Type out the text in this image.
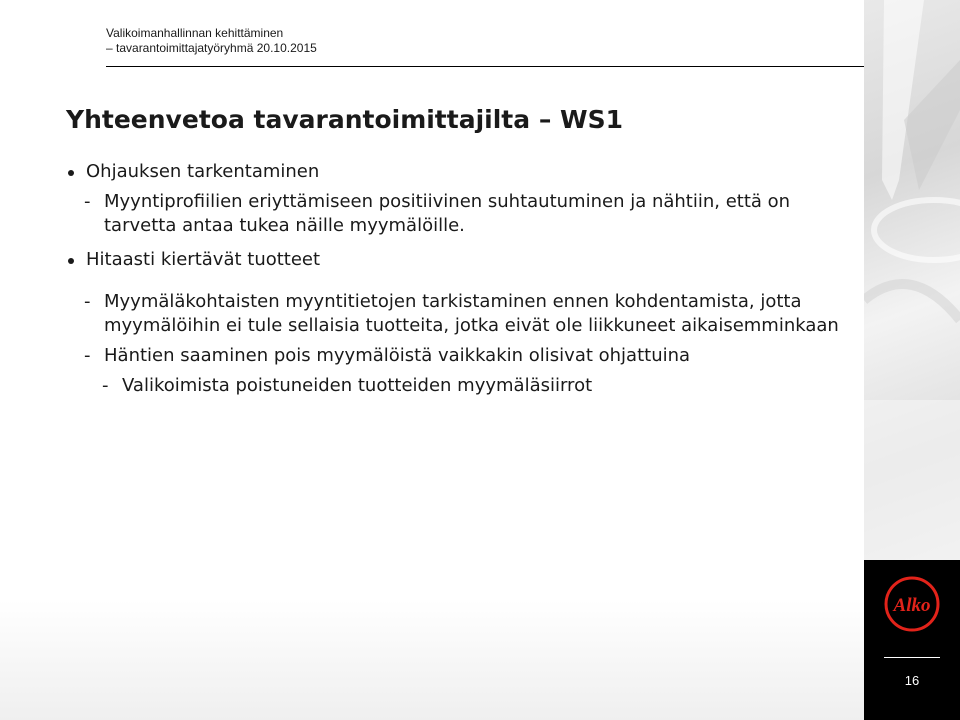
Valikoimanhallinnan kehittäminen
– tavarantoimittajatyöryhmä 20.10.2015
Yhteenvetoa tavarantoimittajilta – WS1
Ohjauksen tarkentaminen
- Myyntiprofiilien eriyttämiseen positiivinen suhtautuminen ja nähtiin, että on tarvetta antaa tukea näille myymälöille.
Hitaasti kiertävät tuotteet
- Myymäläkohtaisten myyntitietojen tarkistaminen ennen kohdentamista, jotta myymälöihin ei tule sellaisia tuotteita, jotka eivät ole liikkuneet aikaisemminkaan
- Häntien saaminen pois myymälöistä vaikkakin olisivat ohjattuina
- Valikoimista poistuneiden tuotteiden myymäläsiirrot
Alko
16
